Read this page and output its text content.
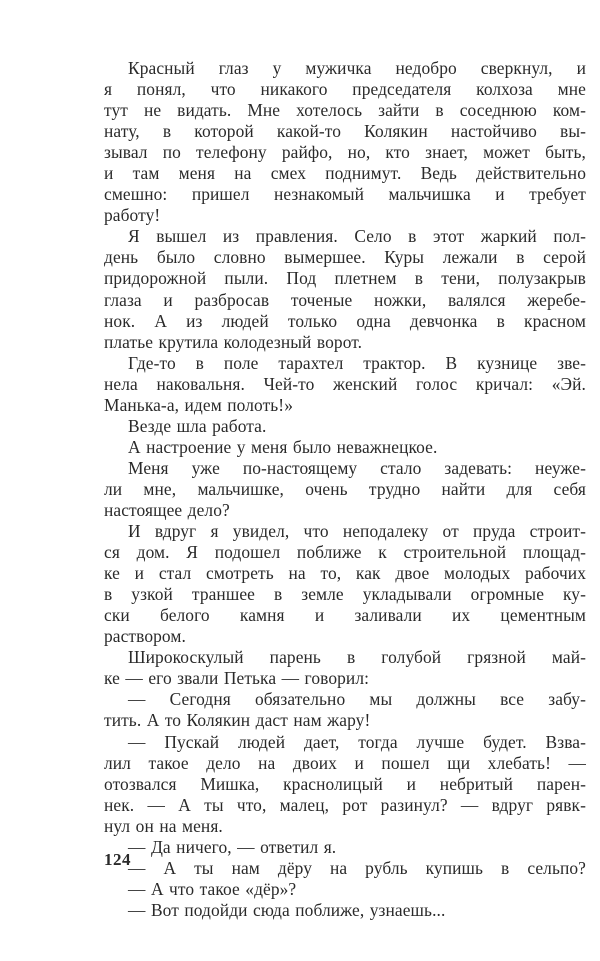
Красный глаз у мужичка недобро сверкнул, и
я понял, что никакого председателя колхоза мне
тут не видать. Мне хотелось зайти в соседнюю ком-
нату, в которой какой-то Колякин настойчиво вы-
зывал по телефону райфо, но, кто знает, может быть,
и там меня на смех поднимут. Ведь действительно
смешно: пришел незнакомый мальчишка и требует
работу!
Я вышел из правления. Село в этот жаркий пол-
день было словно вымершее. Куры лежали в серой
придорожной пыли. Под плетнем в тени, полузакрыв
глаза и разбросав точеные ножки, валялся жеребе-
нок. А из людей только одна девчонка в красном
платье крутила колодезный ворот.
Где-то в поле тарахтел трактор. В кузнице зве-
нела наковальня. Чей-то женский голос кричал: «Эй.
Манька-а, идем полоть!»
Везде шла работа.
А настроение у меня было неважнецкое.
Меня уже по-настоящему стало задевать: неуже-
ли мне, мальчишке, очень трудно найти для себя
настоящее дело?
И вдруг я увидел, что неподалеку от пруда строит-
ся дом. Я подошел поближе к строительной площад-
ке и стал смотреть на то, как двое молодых рабочих
в узкой траншее в земле укладывали огромные ку-
ски белого камня и заливали их цементным
раствором.
Широкоскулый парень в голубой грязной май-
ке — его звали Петька — говорил:
— Сегодня обязательно мы должны все забу-
тить. А то Колякин даст нам жару!
— Пускай людей дает, тогда лучше будет. Взва-
лил такое дело на двоих и пошел щи хлебать! —
отозвался Мишка, краснолицый и небритый парен-
нек. — А ты что, малец, рот разинул? — вдруг рявк-
нул он на меня.
— Да ничего, — ответил я.
— А ты нам дёру на рубль купишь в сельпо?
— А что такое «дёр»?
— Вот подойди сюда поближе, узнаешь...
124
